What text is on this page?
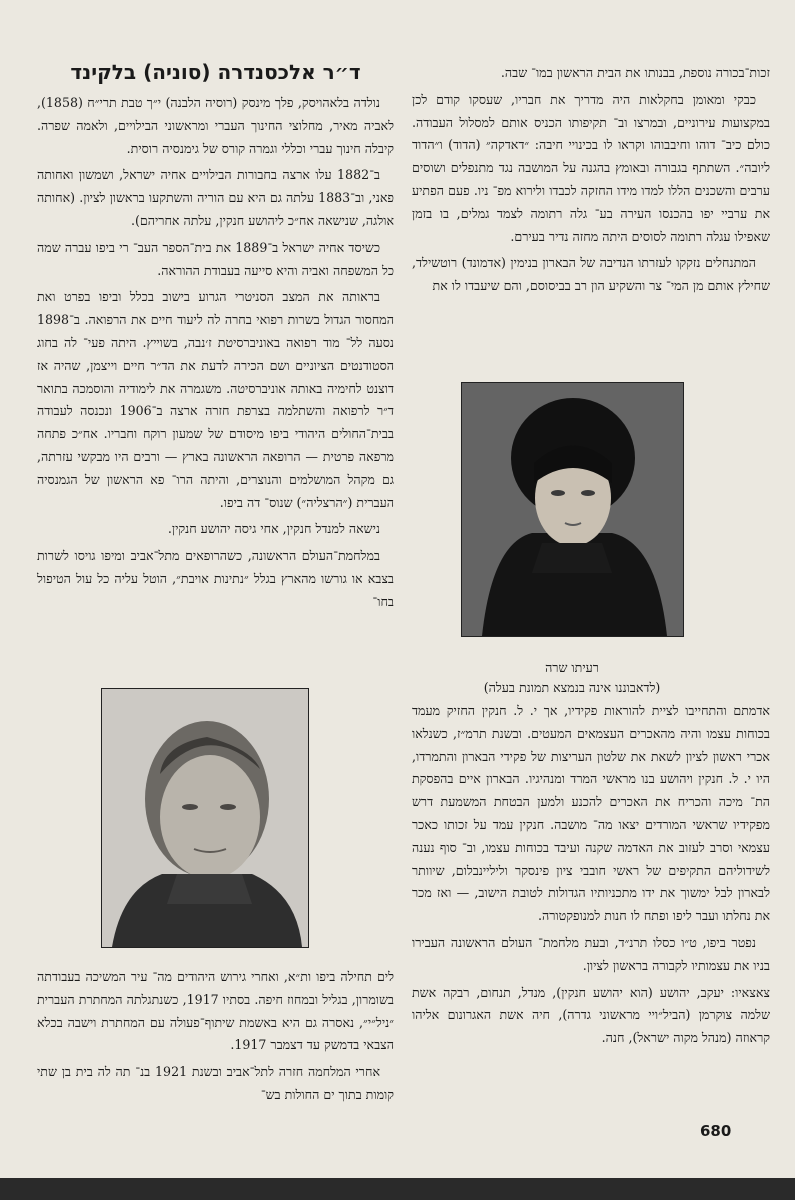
ד״ר אלכסנדרה (סוניה) בלקינד	זכות־בכורה נוספת, בבנותו את הבית הראשון במו־ שבה.

כבקי ומאומן בחקלאות היה מדריך את חבריו, שעסקו קודם לכן במקצועות עירוניים, ובמרצו וב־ תקיפותו הכניס אותם למסלול העבודה. כולם כיב־ דוהו וחיבבוהו וקראו לו בכינויי חיבה: ״דאדקה״ (הדוד) ו״הדוד ליובה״. השתתף בגבורה ובאומץ בהגנה על המושבה נגד מתנפלים ושוסים ערבים והשכנים הללו למדו מידו החזקה לכבדו ולירוא מפ־ ניו. פעם הפתיע את ערביי יפו בהכנסו העירה בע־ גלה רתומה לצמד גמלים, בו בזמן שאפילו עגלה רתומה לסוסים היתה מחזה נדיר בעירם.

המתנחלים נזקקו לעזרתו הנדיבה של הבארון בנימין (אדמונד) רוטשילד, שחילץ אותם מן המי־ צר והשקיע הון רב בביסוסם, והם שיעבדו לו את

רעיתו שרה
(לדאבוננו אינה בנמצא תמונת בעלה)

אדמתם והתחייבו לציית להוראות פקידיו, אך י. ל. חנקין החזיק מעמד בכוחות עצמו והיה מהאכרים העצמאים המעטים. ובשנת תרמ״ז, כשנלאו אכרי ראשון לציון לשאת את שלטון העריצות של פקידי הבארון והתמרדו, היו י. ל. חנקין ויהושע בנו מראשי המרד ומנהיגיו. הבארון איים בהפסקת הת־ מיכה והכריח את האכרים להכנע ולמען הבטחת המשמעת דרש מפקידיו שראשי המורדים יצאו מה־ מושבה. חנקין עמד על זכותו כאכר עצמאי וסרב לעזוב את האדמה שקנה ועיבד בכוחות עצמו, וב־ סוף נענה לשידוליהם התקיפים של ראשי חובבי ציון פינסקר וליליינבלום, שיוותר לבארון לבל ימשוך את ידו מתכניותיו הגדולות לטובת הישוב, — ואז מכר את נחלתו ועבר ליפו ופתח לו חנות למנופקטורה.

נפטר ביפו, ט״ו כסלו תרנ״ד, ובעת מלחמת־ העולם הראשונה העבירו בניו את עצמותיו לקבורה בראשון לציון.

צאצאיו: יעקב, יהושע (הוא יהושע חנקין), מנדל, תנחום, רבקה אשת שלמה צוקרמן (הביל״ויי מראשוני גדרה), חיה אשת האגרונום אליהו קראוזה (מנהל מקוה ישראל), חנה.

נולדה בלאהויסק, פלך מינסק (רוסיה הלבנה) י״ך טבת תרי״ח (1858), לאביה מאיר, מחלוצי החינוך העברי ומראשוני הבילויים, ולאמה שפרה. קיבלה חינוך עברי וכללי וגמרה קורס של גימנסיה רוסית.

ב־1882 עלו ארצה בחבורות הבילויים אחיה ישראל, ושמשון ואחותה פאני, וב־1883 עלתה גם היא עם הוריה והשתקעו בראשון לציון. (אחותה אולגה, שנישאה אח״כ ליהושע חנקין, עלתה אחריהם).

כשיסד אחיה ישראל ב־1889 את בית־הספר העב־ רי ביפו עברה שמה כל המשפחה ואביה והיא סייעה בעבודת ההוראה.

בראותה את המצב הסניטרי הגרוע בישוב בכלל וביפו בפרט ואת המחסור הגדול בשרות רפואי בחרה לה ליעוד חיים את הרפואה. ב־1898 נסעה לל־ מוד רפואה באוניברסיטת ז׳נבה, בשוייץ. היתה פעי־ לה בחוג הסטודנטים הציוניים ושם הכירה לדעת את הד״ר חיים וייצמן, שהיה אז דוצנט לחימיה באותה אוניברסיטה. משגמרה את לימודיה והוסמכה בתואר ד״ר לרפואה והשתלמה בצרפת חזרה ארצה ב־1906 ונכנסה לעבודה בבית־החולים היהודי ביפו מיסודם של שמעון רוקח וחבריו. אח״כ פתחה מרפאה פרטית — הרופאה הראשונה בארץ — ורבים היו מבקשי עזרתה, גם מקהל המושלמים והנוצרים, והיתה הרו־ פא הראשון של הגמנסיה העברית (״הרצליה״) שנוס־ דה ביפו.

נישאה למנדל חנקין, אחי גיסה יהושע חנקין.

במלחמת־העולם הראשונה, כשהרופאים מתל־אביב ומיפו גויסו לשרות בצבא או גורשו מהארץ בגלל ״נתינות אויבת״, הוטל עליה כל עול הטיפול בחו־

לים תחילה ביפו ות״א, ואחרי גירוש היהודים מה־ עיר המשיכה בעבודתה בשומרון, בגליל ובמחוז חיפה. בסתיו 1917, כשנתגלתה המחתרת העברית ״ניל״י״, נאסרה גם היא באשמת שיתוף־פעולה עם המחתרת וישבה בכלא הצבאי בדמשק עד דצמבר 1917.

אחרי המלחמה חזרה לתל־אביב ובשנת 1921 בנ־ תה לה בית בן שתי קומות בתוך ים החולות בש־

680
